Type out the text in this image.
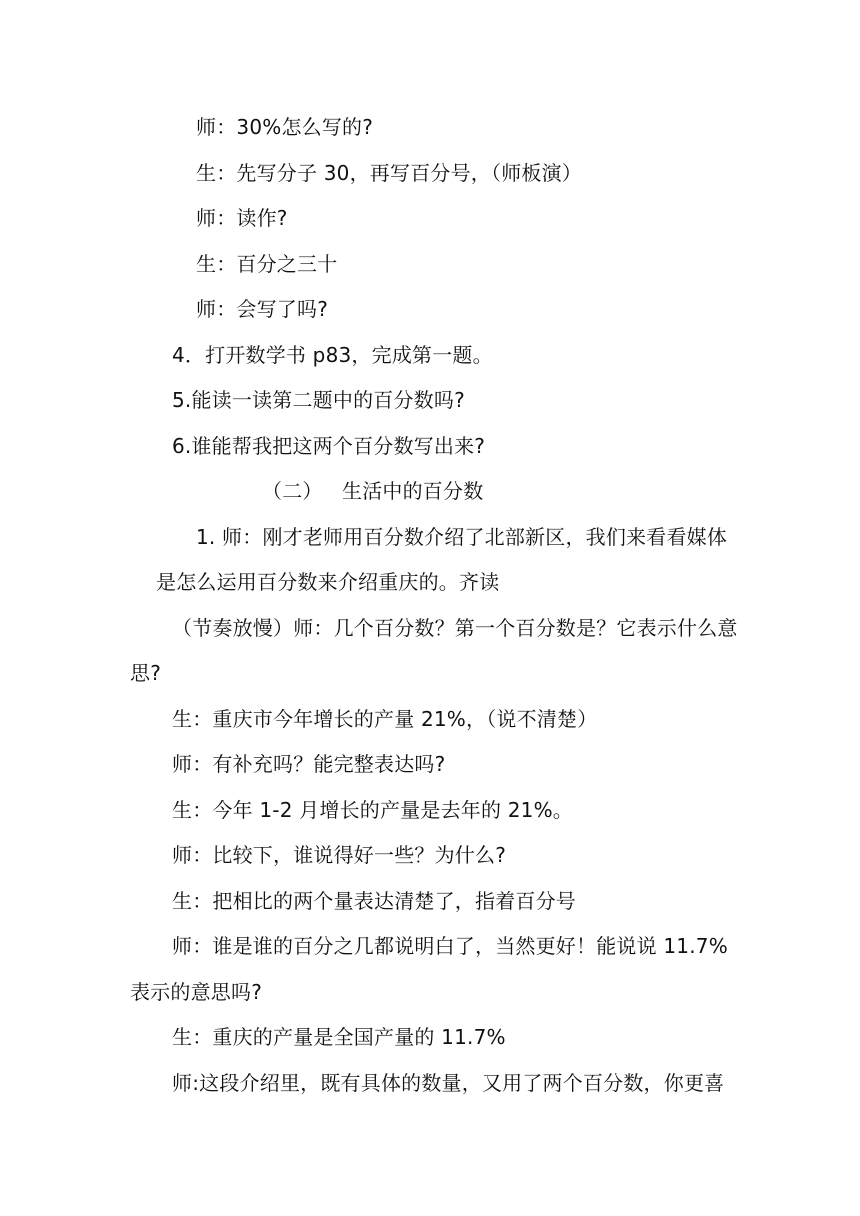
师：30%怎么写的?
生：先写分子 30，再写百分号，（师板演）
师：读作?
生：百分之三十
师：会写了吗?
4．打开数学书 p83，完成第一题。
5.能读一读第二题中的百分数吗?
6.谁能帮我把这两个百分数写出来?
（二） 生活中的百分数
1. 师：刚才老师用百分数介绍了北部新区，我们来看看媒体
是怎么运用百分数来介绍重庆的。齐读
（节奏放慢）师：几个百分数？第一个百分数是？它表示什么意
思?
生：重庆市今年增长的产量 21%，（说不清楚）
师：有补充吗？能完整表达吗?
生：今年 1-2 月增长的产量是去年的 21%。
师：比较下，谁说得好一些？为什么?
生：把相比的两个量表达清楚了，指着百分号
师：谁是谁的百分之几都说明白了，当然更好！能说说 11.7%
表示的意思吗?
生：重庆的产量是全国产量的 11.7%
师:这段介绍里，既有具体的数量，又用了两个百分数，你更喜
